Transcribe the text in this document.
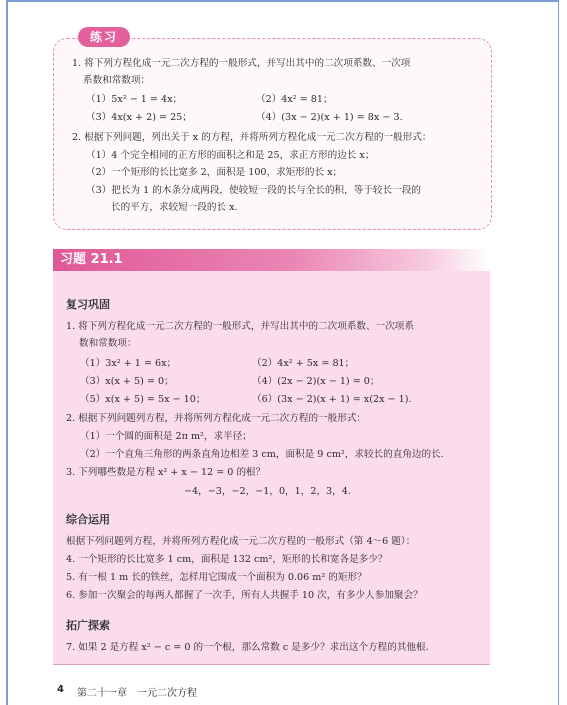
练习
1. 将下列方程化成一元二次方程的一般形式，并写出其中的二次项系数、一次项
系数和常数项：
（1）5x² − 1 = 4x；	（2）4x² = 81；
（3）4x(x + 2) = 25；	（4）(3x − 2)(x + 1) = 8x − 3.
2. 根据下列问题，列出关于 x 的方程，并将所列方程化成一元二次方程的一般形式：
（1）4 个完全相同的正方形的面积之和是 25，求正方形的边长 x；
（2）一个矩形的长比宽多 2，面积是 100，求矩形的长 x；
（3）把长为 1 的木条分成两段，使较短一段的长与全长的积，等于较长一段的
长的平方，求较短一段的长 x.
习题 21.1
复习巩固
1. 将下列方程化成一元二次方程的一般形式，并写出其中的二次项系数、一次项系
数和常数项：
（1）3x² + 1 = 6x；	（2）4x² + 5x = 81；
（3）x(x + 5) = 0；	（4）(2x − 2)(x − 1) = 0；
（5）x(x + 5) = 5x − 10；	（6）(3x − 2)(x + 1) = x(2x − 1).
2. 根据下列问题列方程，并将所列方程化成一元二次方程的一般形式：
（1）一个圆的面积是 2π m²，求半径；
（2）一个直角三角形的两条直角边相差 3 cm，面积是 9 cm²，求较长的直角边的长.
3. 下列哪些数是方程 x² + x − 12 = 0 的根？
−4，−3，−2，−1，0，1，2，3，4.
综合运用
根据下列问题列方程，并将所列方程化成一元二次方程的一般形式（第 4～6 题）：
4. 一个矩形的长比宽多 1 cm，面积是 132 cm²，矩形的长和宽各是多少？
5. 有一根 1 m 长的铁丝，怎样用它围成一个面积为 0.06 m² 的矩形？
6. 参加一次聚会的每两人都握了一次手，所有人共握手 10 次，有多少人参加聚会？
拓广探索
7. 如果 2 是方程 x² − c = 0 的一个根，那么常数 c 是多少？求出这个方程的其他根.
4 第二十一章　一元二次方程
